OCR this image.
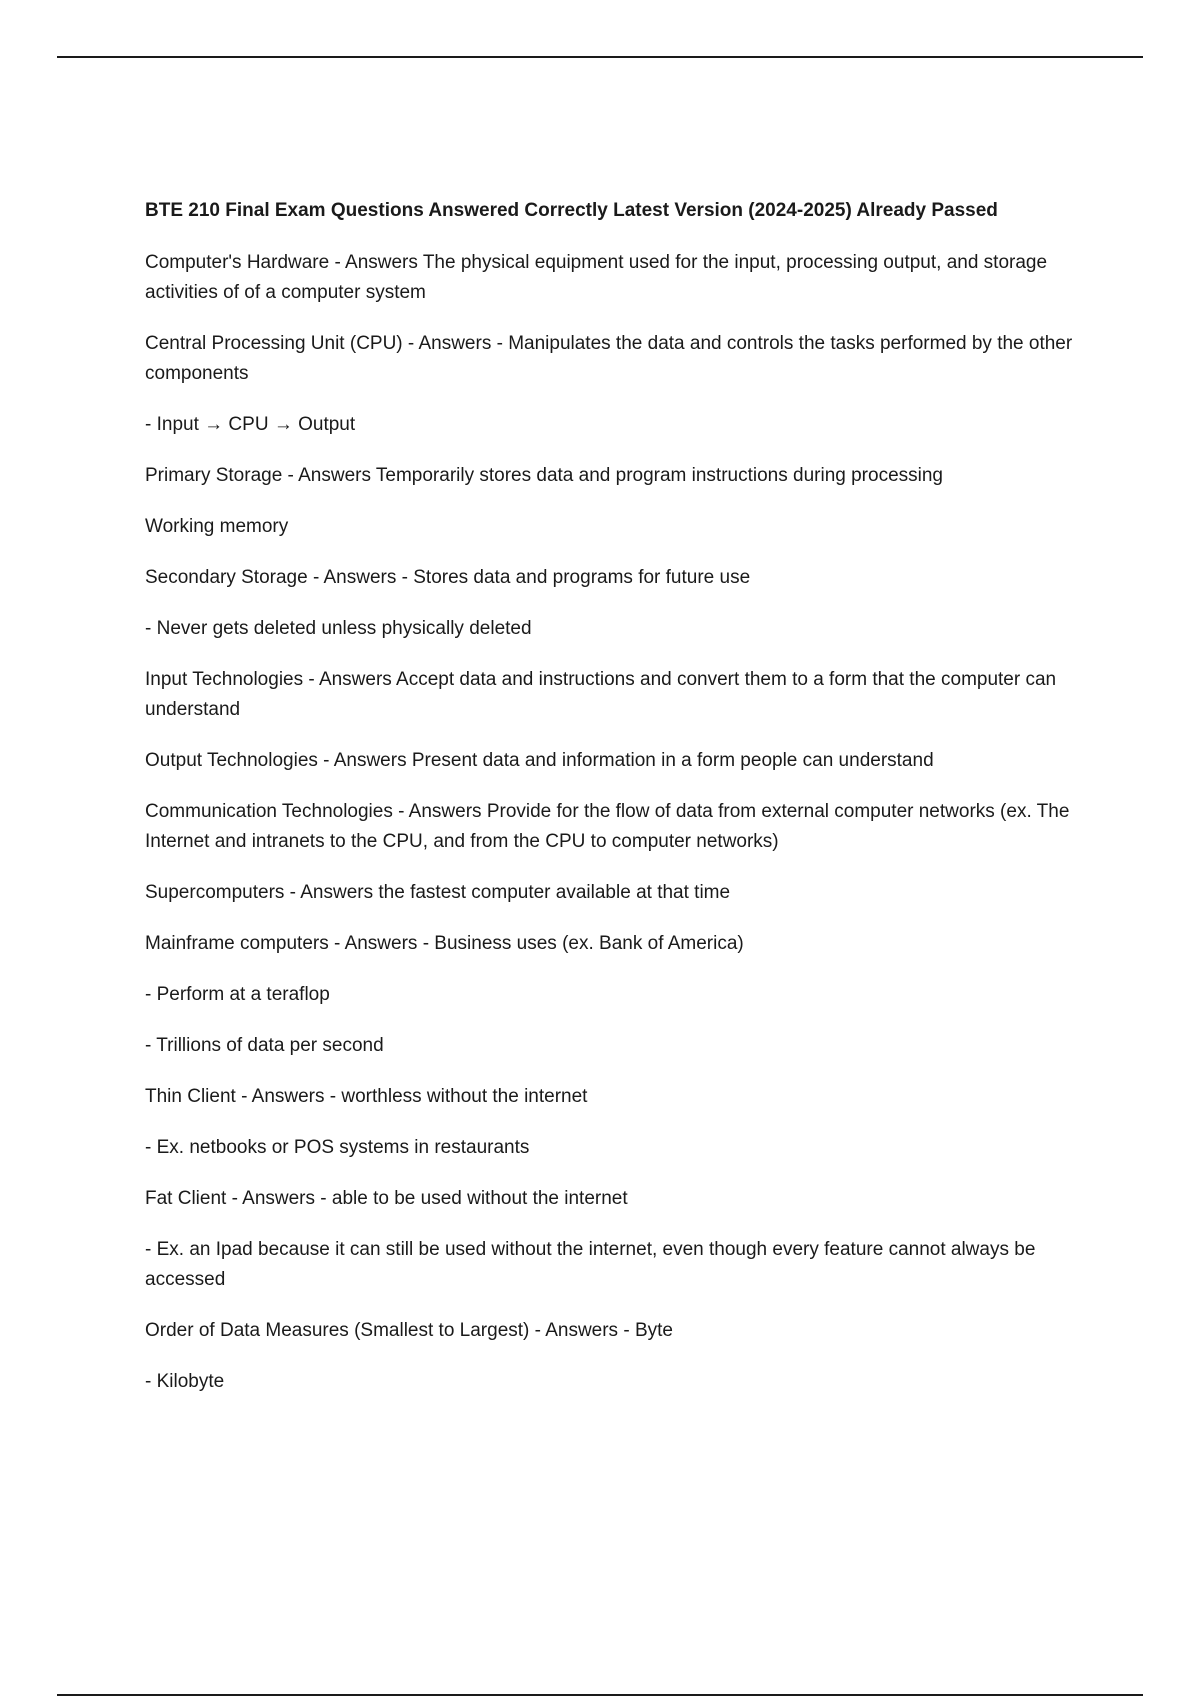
BTE 210 Final Exam Questions Answered Correctly Latest Version (2024-2025) Already Passed

Computer's Hardware - Answers The physical equipment used for the input, processing output, and storage activities of of a computer system

Central Processing Unit (CPU) - Answers - Manipulates the data and controls the tasks performed by the other components

- Input → CPU → Output

Primary Storage - Answers Temporarily stores data and program instructions during processing

Working memory

Secondary Storage - Answers - Stores data and programs for future use

- Never gets deleted unless physically deleted

Input Technologies - Answers Accept data and instructions and convert them to a form that the computer can understand

Output Technologies - Answers Present data and information in a form people can understand

Communication Technologies - Answers Provide for the flow of data from external computer networks (ex. The Internet and intranets to the CPU, and from the CPU to computer networks)

Supercomputers - Answers the fastest computer available at that time

Mainframe computers - Answers - Business uses (ex. Bank of America)

- Perform at a teraflop

- Trillions of data per second

Thin Client - Answers - worthless without the internet

- Ex. netbooks or POS systems in restaurants

Fat Client - Answers - able to be used without the internet

- Ex. an Ipad because it can still be used without the internet, even though every feature cannot always be accessed

Order of Data Measures (Smallest to Largest) - Answers - Byte

- Kilobyte
